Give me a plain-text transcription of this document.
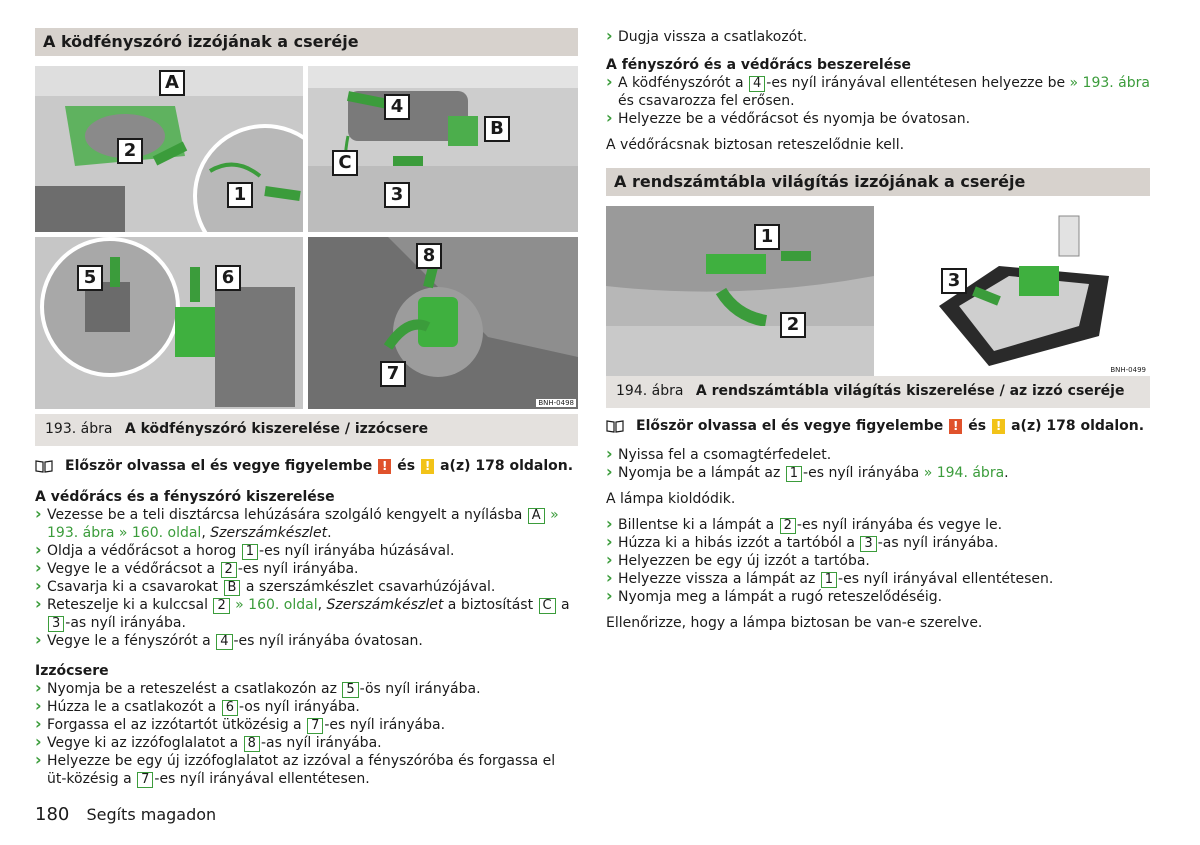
A ködfényszóró izzójának a cseréje
A
2
1
4
B
C
3
5	6
8
7
BNH-0498
193. ábra A ködfényszóró kiszerelése / izzócsere
Először olvassa el és vegye figyelembe ! és ! a(z) 178 oldalon.
A védőrács és a fényszóró kiszerelése
› Vezesse be a teli disztárcsa lehúzására szolgáló kengyelt a nyílásba A » 193. ábra » 160. oldal, Szerszámkészlet.
› Oldja a védőrácsot a horog 1 -es nyíl irányába húzásával.
› Vegye le a védőrácsot a 2 -es nyíl irányába.
› Csavarja ki a csavarokat B a szerszámkészlet csavarhúzójával.
› Reteszelje ki a kulccsal 2 » 160. oldal, Szerszámkészlet a biztosítást C a 3 -as nyíl irányába.
› Vegye le a fényszórót a 4 -es nyíl irányába óvatosan.
Izzócsere
› Nyomja be a reteszelést a csatlakozón az 5 -ös nyíl irányába.
› Húzza le a csatlakozót a 6 -os nyíl irányába.
› Forgassa el az izzótartót ütközésig a 7 -es nyíl irányába.
› Vegye ki az izzófoglalatot a 8 -as nyíl irányába.
› Helyezze be egy új izzófoglalatot az izzóval a fényszóróba és forgassa el üt-közésig a 7 -es nyíl irányával ellentétesen.
› Dugja vissza a csatlakozót.
A fényszóró és a védőrács beszerelése
› A ködfényszórót a 4 -es nyíl irányával ellentétesen helyezze be » 193. ábra és csavarozza fel erősen.
› Helyezze be a védőrácsot és nyomja be óvatosan.

A védőrácsnak biztosan reteszelődnie kell.

A rendszámtábla világítás izzójának a cseréje
1
2
3
BNH-0499
194. ábra A rendszámtábla világítás kiszerelése / az izzó cseréje
Először olvassa el és vegye figyelembe ! és ! a(z) 178 oldalon.
› Nyissa fel a csomagtérfedelet.
› Nyomja be a lámpát az 1 -es nyíl irányába » 194. ábra.

A lámpa kioldódik.

› Billentse ki a lámpát a 2 -es nyíl irányába és vegye le.
› Húzza ki a hibás izzót a tartóból a 3 -as nyíl irányába.
› Helyezzen be egy új izzót a tartóba.
› Helyezze vissza a lámpát az 1 -es nyíl irányával ellentétesen.
› Nyomja meg a lámpát a rugó reteszelődéséig.

Ellenőrizze, hogy a lámpa biztosan be van-e szerelve.

180 Segíts magadon
